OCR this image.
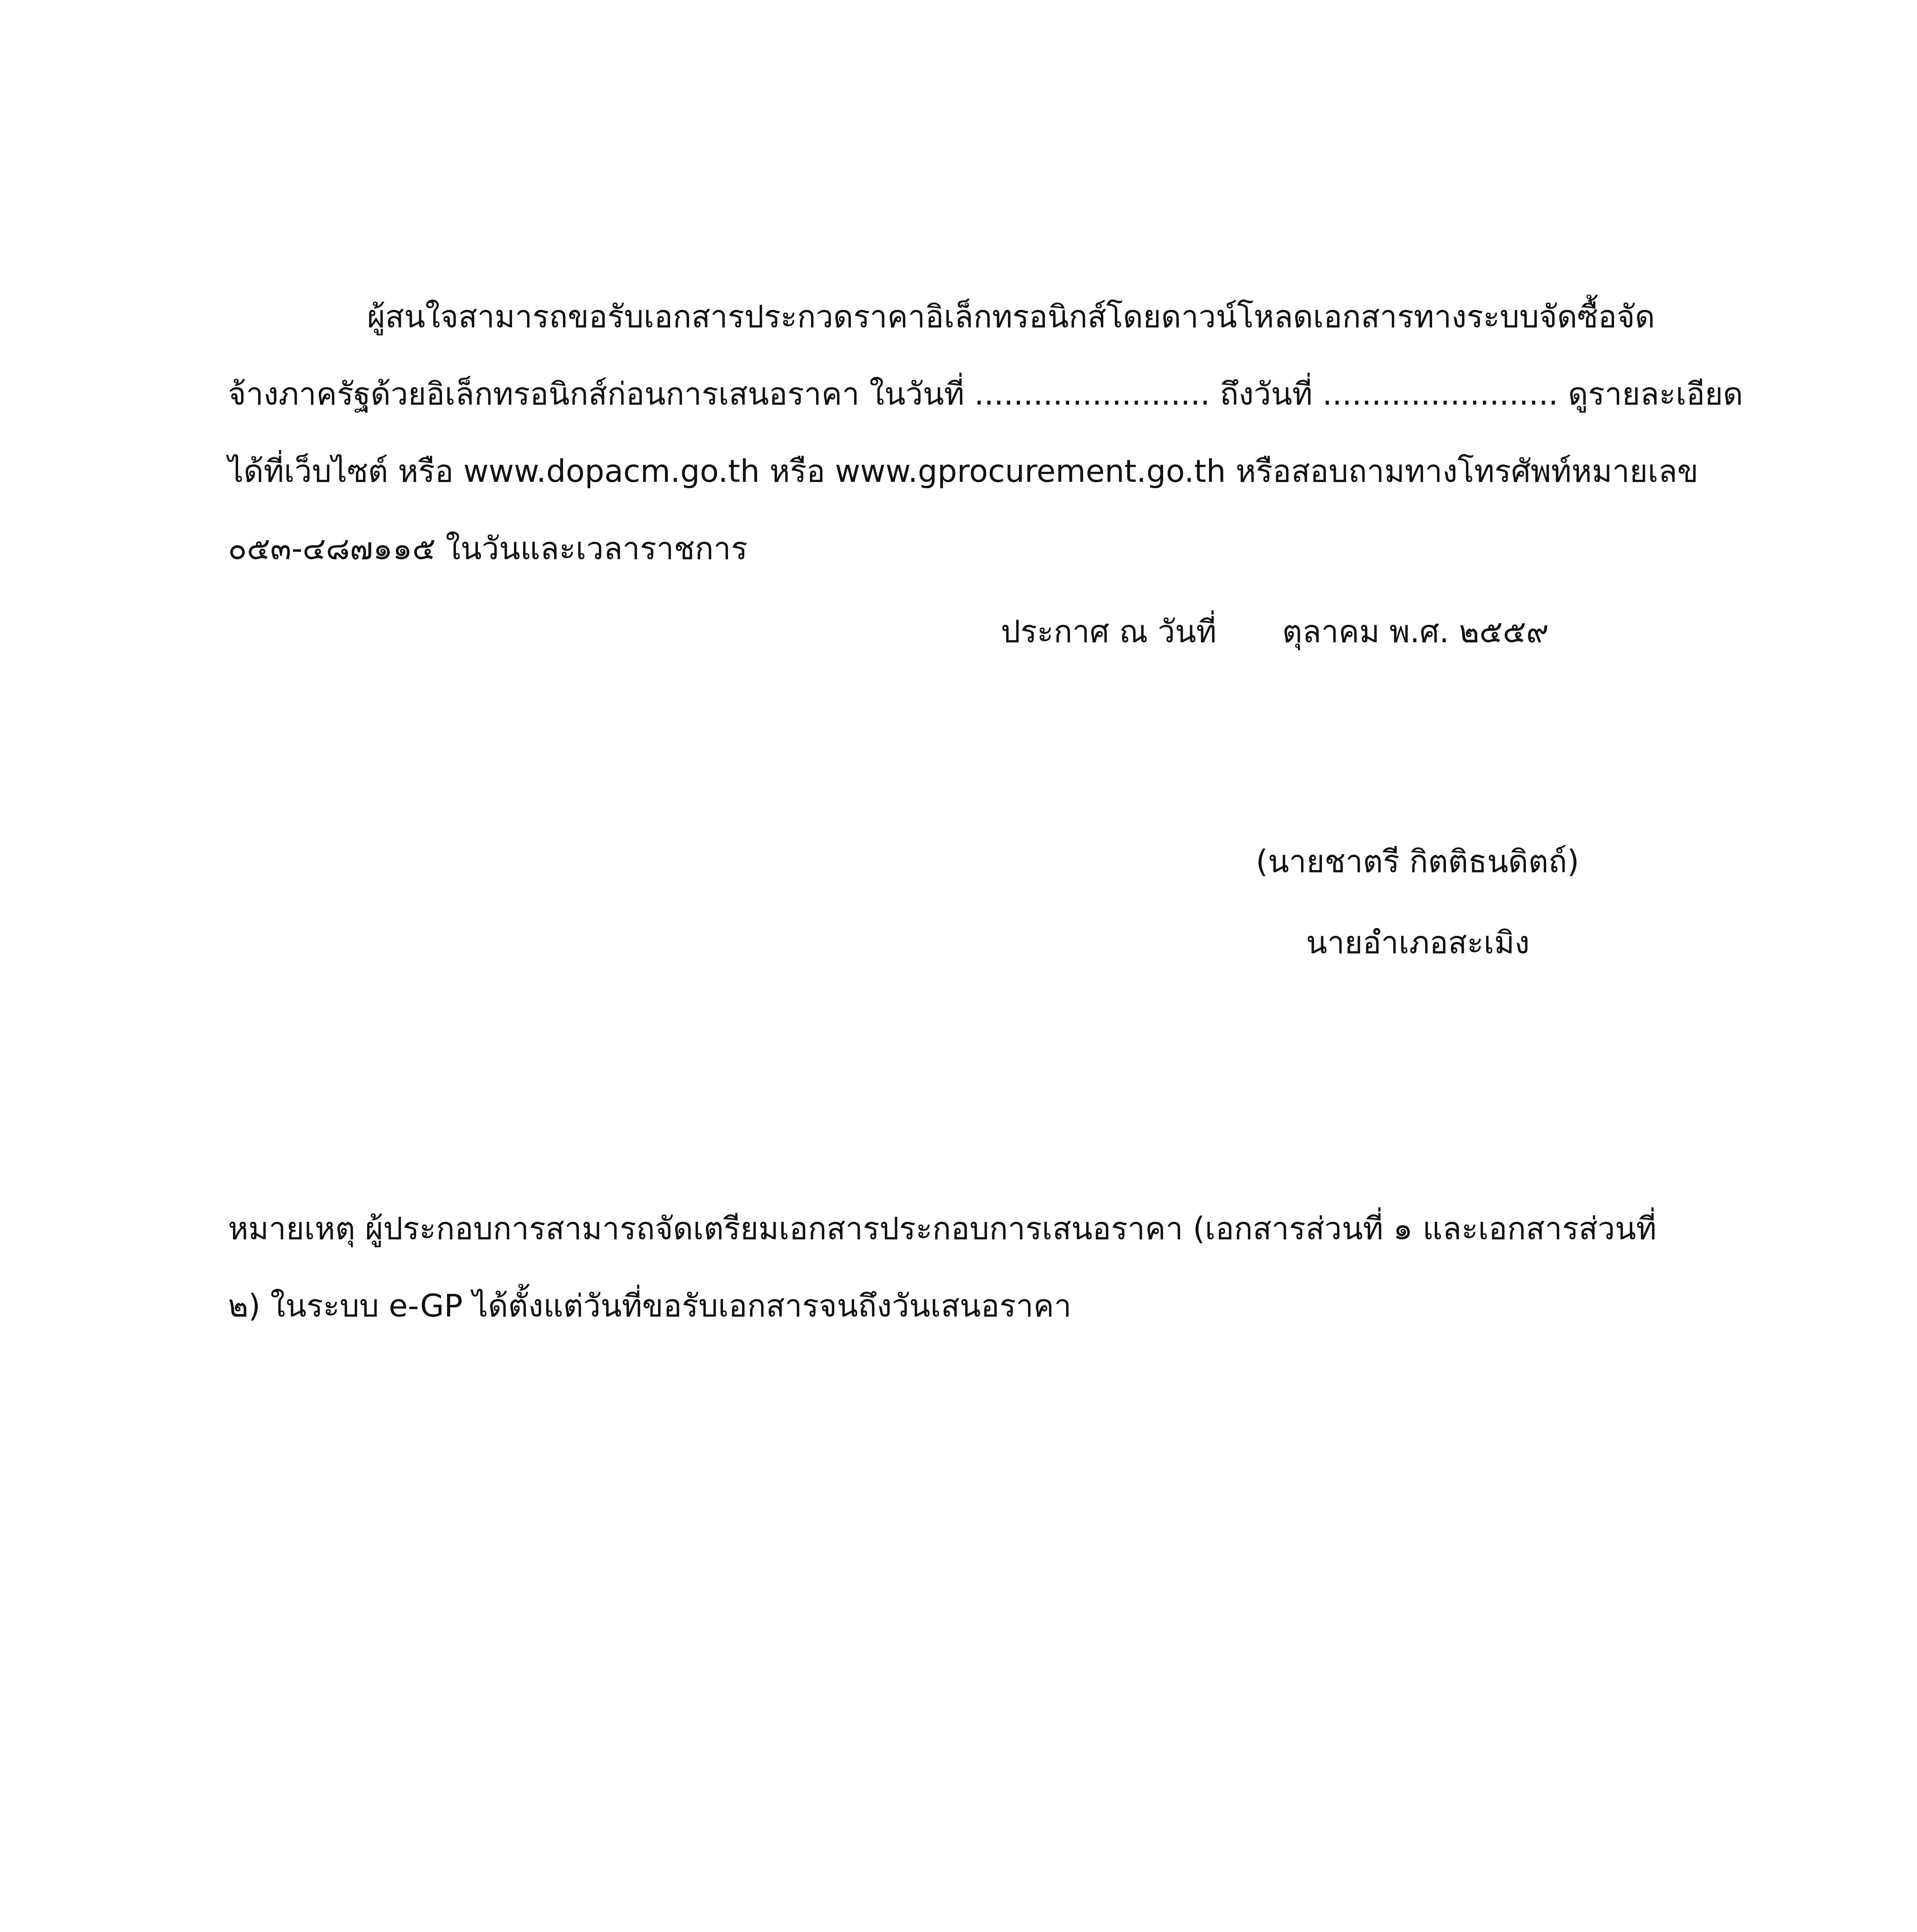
ผู้สนใจสามารถขอรับเอกสารประกวดราคาอิเล็กทรอนิกส์โดยดาวน์โหลดเอกสารทางระบบจัดซื้อจัด
จ้างภาครัฐด้วยอิเล็กทรอนิกส์ก่อนการเสนอราคา ในวันที่ ........................ ถึงวันที่ ........................ ดูรายละเอียด
ได้ที่เว็บไซต์ หรือ www.dopacm.go.th หรือ www.gprocurement.go.th หรือสอบถามทางโทรศัพท์หมายเลข
๐๕๓-๔๘๗๑๑๕ ในวันและเวลาราชการ
ประกาศ ณ วันที่ ตุลาคม พ.ศ. ๒๕๕๙
(นายชาตรี กิตติธนดิตถ์)
นายอำเภอสะเมิง
หมายเหตุ ผู้ประกอบการสามารถจัดเตรียมเอกสารประกอบการเสนอราคา (เอกสารส่วนที่ ๑ และเอกสารส่วนที่
๒) ในระบบ e-GP ได้ตั้งแต่วันที่ขอรับเอกสารจนถึงวันเสนอราคา
